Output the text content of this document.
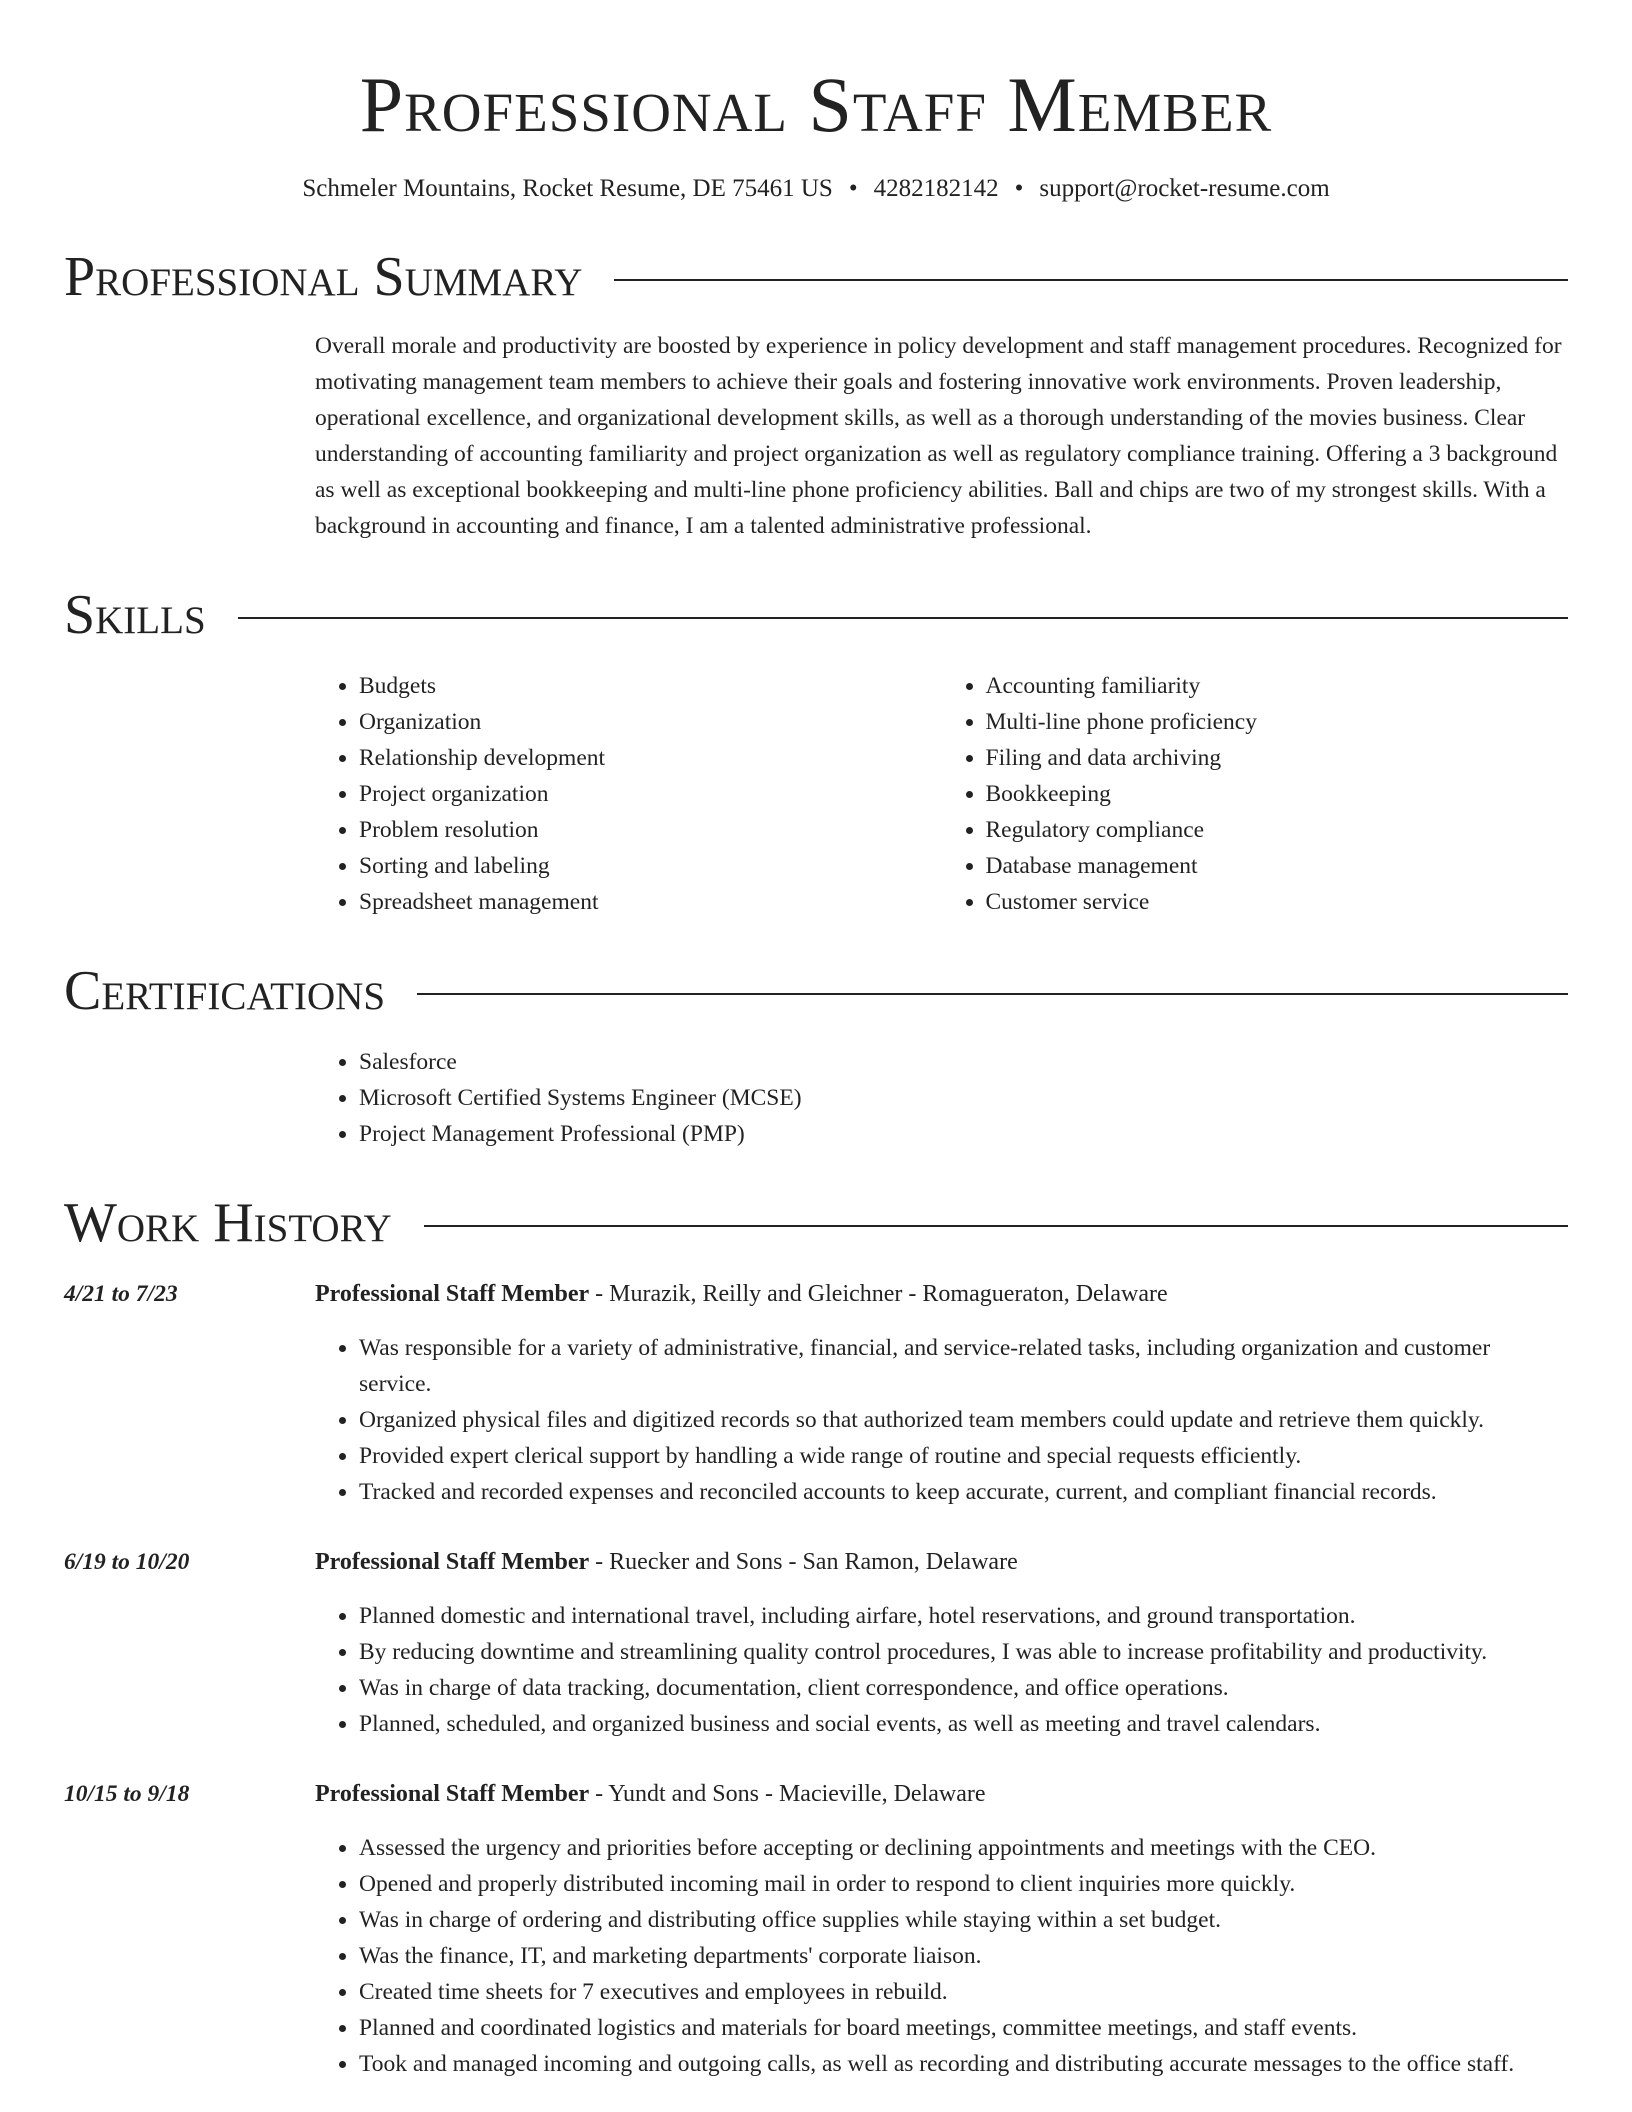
Professional Staff Member
Schmeler Mountains, Rocket Resume, DE 75461 US • 4282182142 • support@rocket-resume.com
Professional Summary
Overall morale and productivity are boosted by experience in policy development and staff management procedures. Recognized for motivating management team members to achieve their goals and fostering innovative work environments. Proven leadership, operational excellence, and organizational development skills, as well as a thorough understanding of the movies business. Clear understanding of accounting familiarity and project organization as well as regulatory compliance training. Offering a 3 background as well as exceptional bookkeeping and multi-line phone proficiency abilities. Ball and chips are two of my strongest skills. With a background in accounting and finance, I am a talented administrative professional.
Skills
• Budgets
• Organization
• Relationship development
• Project organization
• Problem resolution
• Sorting and labeling
• Spreadsheet management
• Accounting familiarity
• Multi-line phone proficiency
• Filing and data archiving
• Bookkeeping
• Regulatory compliance
• Database management
• Customer service
Certifications
• Salesforce
• Microsoft Certified Systems Engineer (MCSE)
• Project Management Professional (PMP)
Work History
4/21 to 7/23	Professional Staff Member - Murazik, Reilly and Gleichner - Romagueraton, Delaware
• Was responsible for a variety of administrative, financial, and service-related tasks, including organization and customer service.
• Organized physical files and digitized records so that authorized team members could update and retrieve them quickly.
• Provided expert clerical support by handling a wide range of routine and special requests efficiently.
• Tracked and recorded expenses and reconciled accounts to keep accurate, current, and compliant financial records.
6/19 to 10/20	Professional Staff Member - Ruecker and Sons - San Ramon, Delaware
• Planned domestic and international travel, including airfare, hotel reservations, and ground transportation.
• By reducing downtime and streamlining quality control procedures, I was able to increase profitability and productivity.
• Was in charge of data tracking, documentation, client correspondence, and office operations.
• Planned, scheduled, and organized business and social events, as well as meeting and travel calendars.
10/15 to 9/18	Professional Staff Member - Yundt and Sons - Macieville, Delaware
• Assessed the urgency and priorities before accepting or declining appointments and meetings with the CEO.
• Opened and properly distributed incoming mail in order to respond to client inquiries more quickly.
• Was in charge of ordering and distributing office supplies while staying within a set budget.
• Was the finance, IT, and marketing departments' corporate liaison.
• Created time sheets for 7 executives and employees in rebuild.
• Planned and coordinated logistics and materials for board meetings, committee meetings, and staff events.
• Took and managed incoming and outgoing calls, as well as recording and distributing accurate messages to the office staff.
